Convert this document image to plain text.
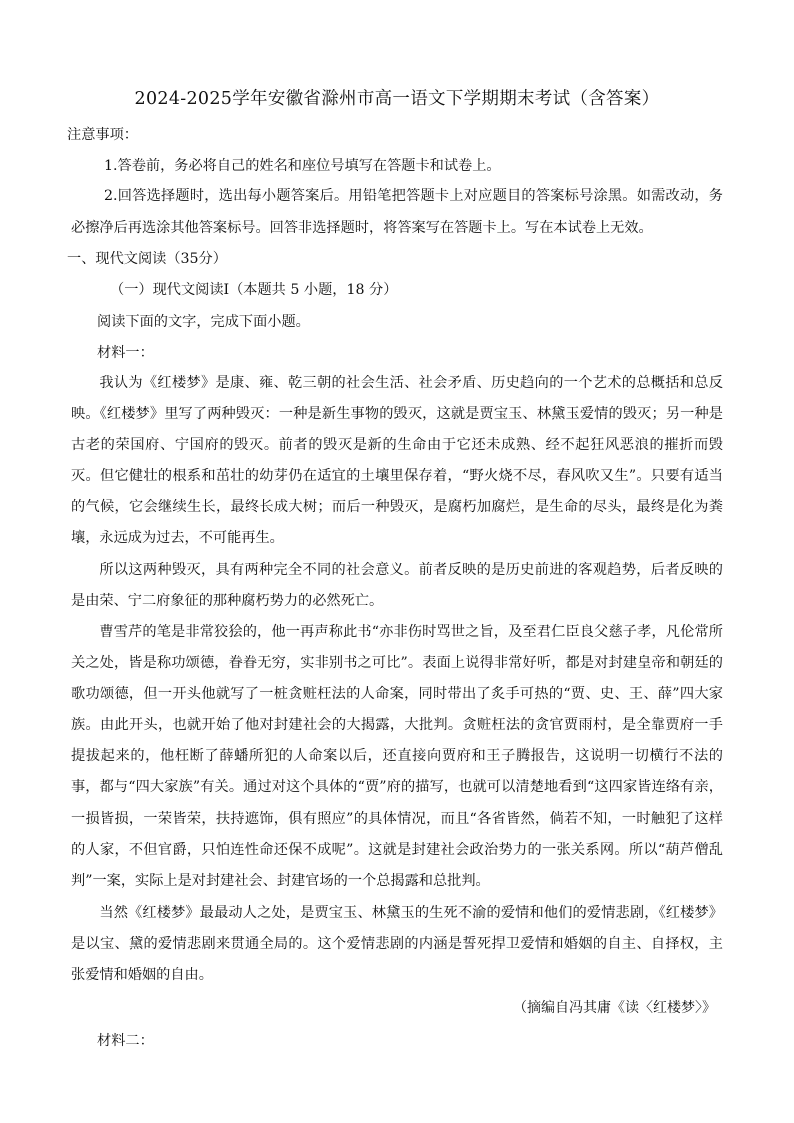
2024-2025学年安徽省滁州市高一语文下学期期末考试（含答案）
注意事项：
1.答卷前，务必将自己的姓名和座位号填写在答题卡和试卷上。

2.回答选择题时，选出每小题答案后。用铅笔把答题卡上对应题目的答案标号涂黑。如需改动，务必擦净后再选涂其他答案标号。回答非选择题时，将答案写在答题卡上。写在本试卷上无效。

一、现代文阅读（35分）
（一）现代文阅读Ⅰ（本题共 5 小题，18 分）
阅读下面的文字，完成下面小题。
材料一：

我认为《红楼梦》是康、雍、乾三朝的社会生活、社会矛盾、历史趋向的一个艺术的总概括和总反映。《红楼梦》里写了两种毁灭：一种是新生事物的毁灭，这就是贾宝玉、林黛玉爱情的毁灭；另一种是古老的荣国府、宁国府的毁灭。前者的毁灭是新的生命由于它还未成熟、经不起狂风恶浪的摧折而毁灭。但它健壮的根系和茁壮的幼芽仍在适宜的土壤里保存着，“野火烧不尽，春风吹又生”。只要有适当的气候，它会继续生长，最终长成大树；而后一种毁灭，是腐朽加腐烂，是生命的尽头，最终是化为粪壤，永远成为过去，不可能再生。

所以这两种毁灭，具有两种完全不同的社会意义。前者反映的是历史前进的客观趋势，后者反映的是由荣、宁二府象征的那种腐朽势力的必然死亡。

曹雪芹的笔是非常狡狯的，他一再声称此书“亦非伤时骂世之旨，及至君仁臣良父慈子孝，凡伦常所关之处，皆是称功颂德，眷眷无穷，实非别书之可比”。表面上说得非常好听，都是对封建皇帝和朝廷的歌功颂德，但一开头他就写了一桩贪赃枉法的人命案，同时带出了炙手可热的“贾、史、王、薛”四大家族。由此开头，也就开始了他对封建社会的大揭露，大批判。贪赃枉法的贪官贾雨村，是全靠贾府一手提拔起来的，他枉断了薛蟠所犯的人命案以后，还直接向贾府和王子腾报告，这说明一切横行不法的事，都与“四大家族”有关。通过对这个具体的“贾”府的描写，也就可以清楚地看到“这四家皆连络有亲，一损皆损，一荣皆荣，扶持遮饰，俱有照应”的具体情况，而且“各省皆然，倘若不知，一时触犯了这样的人家，不但官爵，只怕连性命还保不成呢”。这就是封建社会政治势力的一张关系网。所以“葫芦僧乱判”一案，实际上是对封建社会、封建官场的一个总揭露和总批判。

当然《红楼梦》最最动人之处，是贾宝玉、林黛玉的生死不渝的爱情和他们的爱情悲剧，《红楼梦》是以宝、黛的爱情悲剧来贯通全局的。这个爱情悲剧的内涵是誓死捍卫爱情和婚姻的自主、自择权，主张爱情和婚姻的自由。

（摘编自冯其庸《读〈红楼梦〉》
材料二：
